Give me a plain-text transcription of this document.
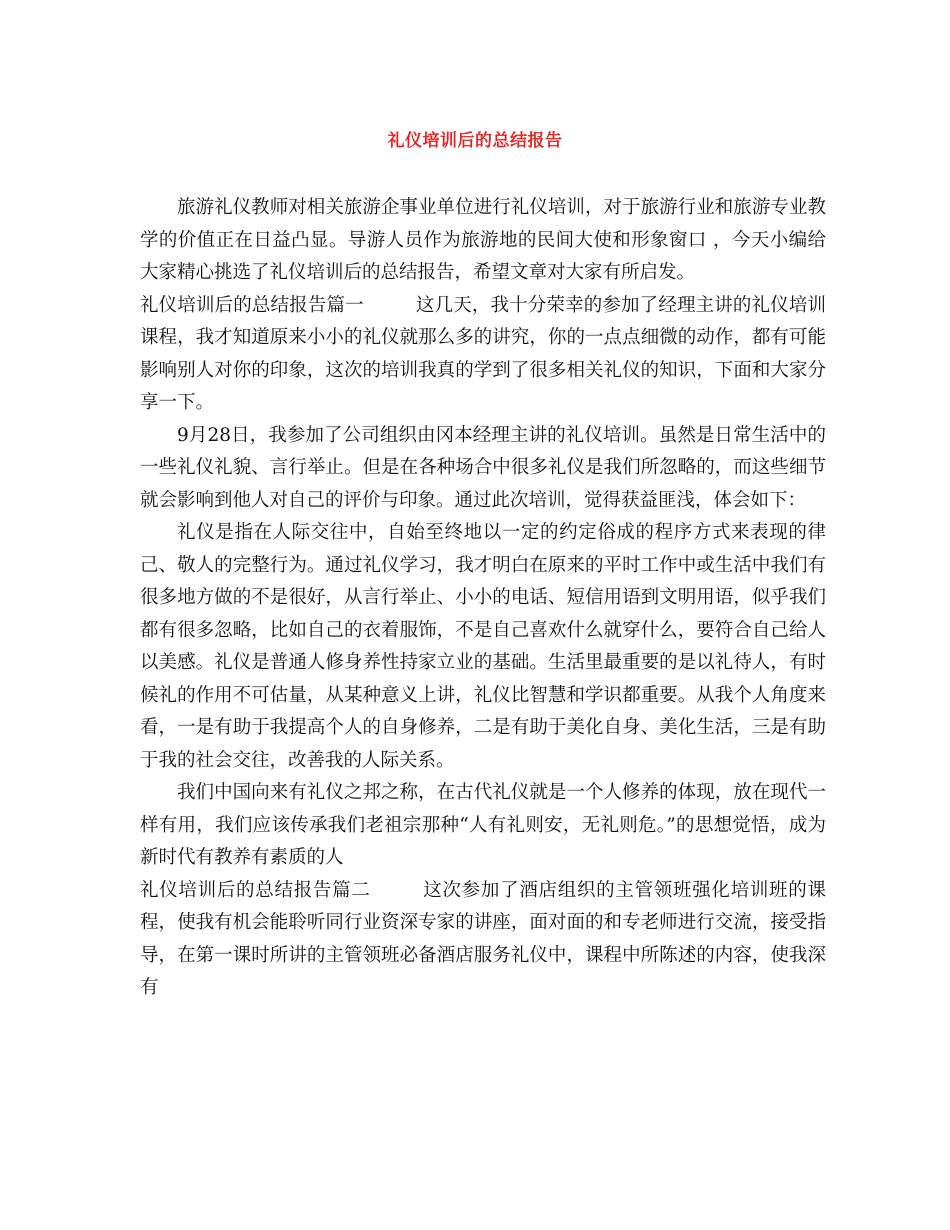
礼仪培训后的总结报告

旅游礼仪教师对相关旅游企事业单位进行礼仪培训，对于旅游行业和旅游专业教学的价值正在日益凸显。导游人员作为旅游地的民间大使和形象窗口 ，今天小编给大家精心挑选了礼仪培训后的总结报告，希望文章对大家有所启发。

礼仪培训后的总结报告篇一	这几天，我十分荣幸的参加了经理主讲的礼仪培训课程，我才知道原来小小的礼仪就那么多的讲究，你的一点点细微的动作，都有可能影响别人对你的印象，这次的培训我真的学到了很多相关礼仪的知识，下面和大家分享一下。

9月28日，我参加了公司组织由冈本经理主讲的礼仪培训。虽然是日常生活中的一些礼仪礼貌、言行举止。但是在各种场合中很多礼仪是我们所忽略的，而这些细节就会影响到他人对自己的评价与印象。通过此次培训，觉得获益匪浅，体会如下：

礼仪是指在人际交往中，自始至终地以一定的约定俗成的程序方式来表现的律己、敬人的完整行为。通过礼仪学习，我才明白在原来的平时工作中或生活中我们有很多地方做的不是很好，从言行举止、小小的电话、短信用语到文明用语，似乎我们都有很多忽略，比如自己的衣着服饰，不是自己喜欢什么就穿什么，要符合自己给人以美感。礼仪是普通人修身养性持家立业的基础。生活里最重要的是以礼待人，有时候礼的作用不可估量，从某种意义上讲，礼仪比智慧和学识都重要。从我个人角度来看，一是有助于我提高个人的自身修养，二是有助于美化自身、美化生活，三是有助于我的社会交往，改善我的人际关系。

我们中国向来有礼仪之邦之称，在古代礼仪就是一个人修养的体现，放在现代一样有用，我们应该传承我们老祖宗那种“人有礼则安，无礼则危。”的思想觉悟，成为新时代有教养有素质的人

礼仪培训后的总结报告篇二	这次参加了酒店组织的主管领班强化培训班的课程，使我有机会能聆听同行业资深专家的讲座，面对面的和专老师进行交流，接受指导，在第一课时所讲的主管领班必备酒店服务礼仪中，课程中所陈述的内容，使我深有
